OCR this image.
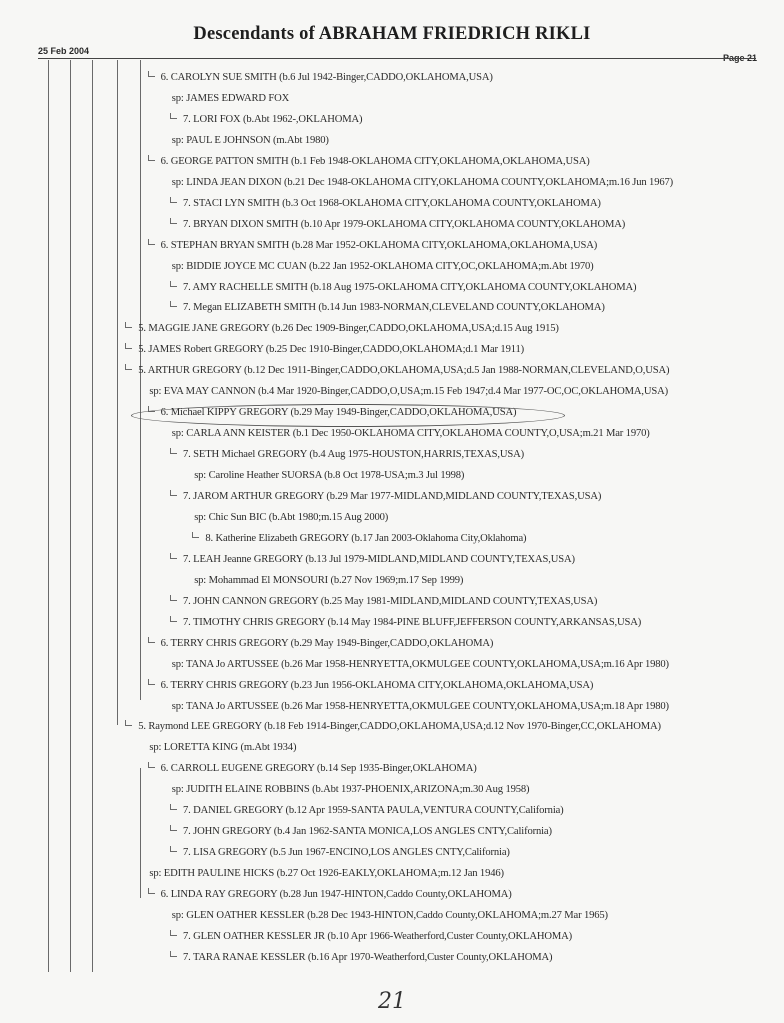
Descendants of ABRAHAM FRIEDRICH RIKLI
25 Feb 2004
Page 21
6. CAROLYN SUE SMITH (b.6 Jul 1942-Binger,CADDO,OKLAHOMA,USA)
sp: JAMES EDWARD FOX
7. LORI FOX (b.Abt 1962-,OKLAHOMA)
sp: PAUL E JOHNSON (m.Abt 1980)
6. GEORGE PATTON SMITH (b.1 Feb 1948-OKLAHOMA CITY,OKLAHOMA,OKLAHOMA,USA)
sp: LINDA JEAN DIXON (b.21 Dec 1948-OKLAHOMA CITY,OKLAHOMA COUNTY,OKLAHOMA;m.16 Jun 1967)
7. STACI LYN SMITH (b.3 Oct 1968-OKLAHOMA CITY,OKLAHOMA COUNTY,OKLAHOMA)
7. BRYAN DIXON SMITH (b.10 Apr 1979-OKLAHOMA CITY,OKLAHOMA COUNTY,OKLAHOMA)
6. STEPHAN BRYAN SMITH (b.28 Mar 1952-OKLAHOMA CITY,OKLAHOMA,OKLAHOMA,USA)
sp: BIDDIE JOYCE MC CUAN (b.22 Jan 1952-OKLAHOMA CITY,OC,OKLAHOMA;m.Abt 1970)
7. AMY RACHELLE SMITH (b.18 Aug 1975-OKLAHOMA CITY,OKLAHOMA COUNTY,OKLAHOMA)
7. Megan ELIZABETH SMITH (b.14 Jun 1983-NORMAN,CLEVELAND COUNTY,OKLAHOMA)
5. MAGGIE JANE GREGORY (b.26 Dec 1909-Binger,CADDO,OKLAHOMA,USA;d.15 Aug 1915)
5. JAMES Robert GREGORY (b.25 Dec 1910-Binger,CADDO,OKLAHOMA;d.1 Mar 1911)
5. ARTHUR GREGORY (b.12 Dec 1911-Binger,CADDO,OKLAHOMA,USA;d.5 Jan 1988-NORMAN,CLEVELAND,O,USA)
sp: EVA MAY CANNON (b.4 Mar 1920-Binger,CADDO,O,USA;m.15 Feb 1947;d.4 Mar 1977-OC,OC,OKLAHOMA,USA)
6. Michael KIPPY GREGORY (b.29 May 1949-Binger,CADDO,OKLAHOMA,USA)
sp: CARLA ANN KEISTER (b.1 Dec 1950-OKLAHOMA CITY,OKLAHOMA COUNTY,O,USA;m.21 Mar 1970)
7. SETH Michael GREGORY (b.4 Aug 1975-HOUSTON,HARRIS,TEXAS,USA)
sp: Caroline Heather SUORSA (b.8 Oct 1978-USA;m.3 Jul 1998)
7. JAROM ARTHUR GREGORY (b.29 Mar 1977-MIDLAND,MIDLAND COUNTY,TEXAS,USA)
sp: Chic Sun BIC (b.Abt 1980;m.15 Aug 2000)
8. Katherine Elizabeth GREGORY (b.17 Jan 2003-Oklahoma City,Oklahoma)
7. LEAH Jeanne GREGORY (b.13 Jul 1979-MIDLAND,MIDLAND COUNTY,TEXAS,USA)
sp: Mohammad El MONSOURI (b.27 Nov 1969;m.17 Sep 1999)
7. JOHN CANNON GREGORY (b.25 May 1981-MIDLAND,MIDLAND COUNTY,TEXAS,USA)
7. TIMOTHY CHRIS GREGORY (b.14 May 1984-PINE BLUFF,JEFFERSON COUNTY,ARKANSAS,USA)
6. TERRY CHRIS GREGORY (b.29 May 1949-Binger,CADDO,OKLAHOMA)
sp: TANA Jo ARTUSSEE (b.26 Mar 1958-HENRYETTA,OKMULGEE COUNTY,OKLAHOMA,USA;m.16 Apr 1980)
6. TERRY CHRIS GREGORY (b.23 Jun 1956-OKLAHOMA CITY,OKLAHOMA,OKLAHOMA,USA)
sp: TANA Jo ARTUSSEE (b.26 Mar 1958-HENRYETTA,OKMULGEE COUNTY,OKLAHOMA,USA;m.18 Apr 1980)
5. Raymond LEE GREGORY (b.18 Feb 1914-Binger,CADDO,OKLAHOMA,USA;d.12 Nov 1970-Binger,CC,OKLAHOMA)
sp: LORETTA KING (m.Abt 1934)
6. CARROLL EUGENE GREGORY (b.14 Sep 1935-Binger,OKLAHOMA)
sp: JUDITH ELAINE ROBBINS (b.Abt 1937-PHOENIX,ARIZONA;m.30 Aug 1958)
7. DANIEL GREGORY (b.12 Apr 1959-SANTA PAULA,VENTURA COUNTY,California)
7. JOHN GREGORY (b.4 Jan 1962-SANTA MONICA,LOS ANGLES CNTY,California)
7. LISA GREGORY (b.5 Jun 1967-ENCINO,LOS ANGLES CNTY,California)
sp: EDITH PAULINE HICKS (b.27 Oct 1926-EAKLY,OKLAHOMA;m.12 Jan 1946)
6. LINDA RAY GREGORY (b.28 Jun 1947-HINTON,Caddo County,OKLAHOMA)
sp: GLEN OATHER KESSLER (b.28 Dec 1943-HINTON,Caddo County,OKLAHOMA;m.27 Mar 1965)
7. GLEN OATHER KESSLER JR (b.10 Apr 1966-Weatherford,Custer County,OKLAHOMA)
7. TARA RANAE KESSLER (b.16 Apr 1970-Weatherford,Custer County,OKLAHOMA)
21
